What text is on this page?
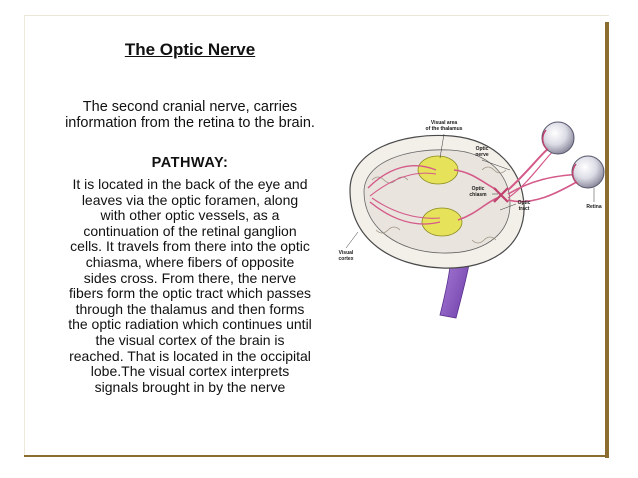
The Optic Nerve

The second cranial nerve, carries
information from the retina to the brain.

PATHWAY:

It is located in the back of the eye and
leaves via the optic foramen, along
with other optic vessels, as a
continuation of the retinal ganglion
cells. It travels from there into the optic
chiasma, where fibers of opposite
sides cross. From there, the nerve
fibers form the optic tract which passes
through the thalamus and then forms
the optic radiation which continues until
the visual cortex of the brain is
reached. That is located in the occipital
lobe.The visual cortex interprets
signals brought in by the nerve

Visual area
of the thalamus
Optic
nerve
Optic
chiasm
Optic
tract	Retina
Visual
cortex
